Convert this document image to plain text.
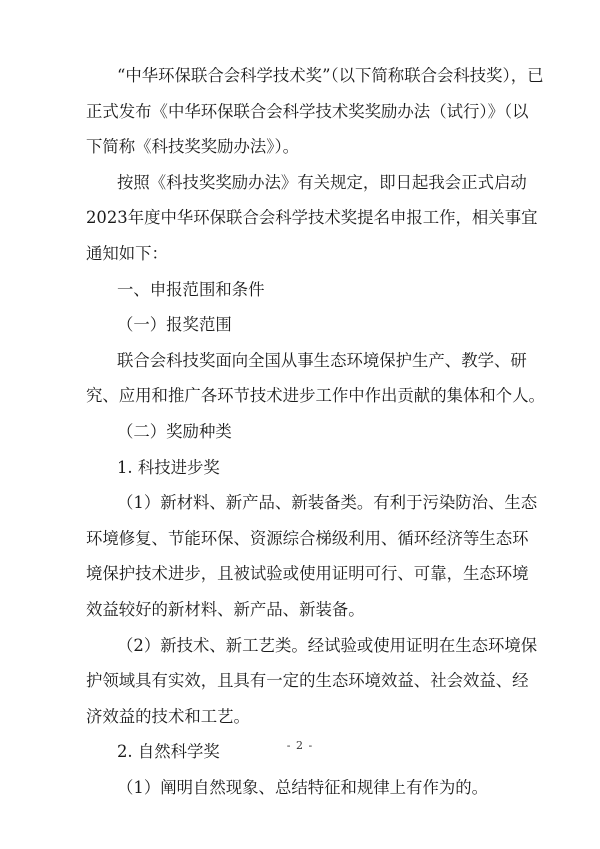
“中华环保联合会科学技术奖”（以下简称联合会科技奖），已
正式发布《中华环保联合会科学技术奖奖励办法（试行）》（以
下简称《科技奖奖励办法》）。
按照《科技奖奖励办法》有关规定，即日起我会正式启动
2023年度中华环保联合会科学技术奖提名申报工作，相关事宜
通知如下：
一、申报范围和条件
（一）报奖范围
联合会科技奖面向全国从事生态环境保护生产、教学、研
究、应用和推广各环节技术进步工作中作出贡献的集体和个人。
（二）奖励种类
1. 科技进步奖
（1）新材料、新产品、新装备类。有利于污染防治、生态
环境修复、节能环保、资源综合梯级利用、循环经济等生态环
境保护技术进步，且被试验或使用证明可行、可靠，生态环境
效益较好的新材料、新产品、新装备。
（2）新技术、新工艺类。经试验或使用证明在生态环境保
护领域具有实效，且具有一定的生态环境效益、社会效益、经
济效益的技术和工艺。
2. 自然科学奖
（1）阐明自然现象、总结特征和规律上有作为的。
- 2 -
